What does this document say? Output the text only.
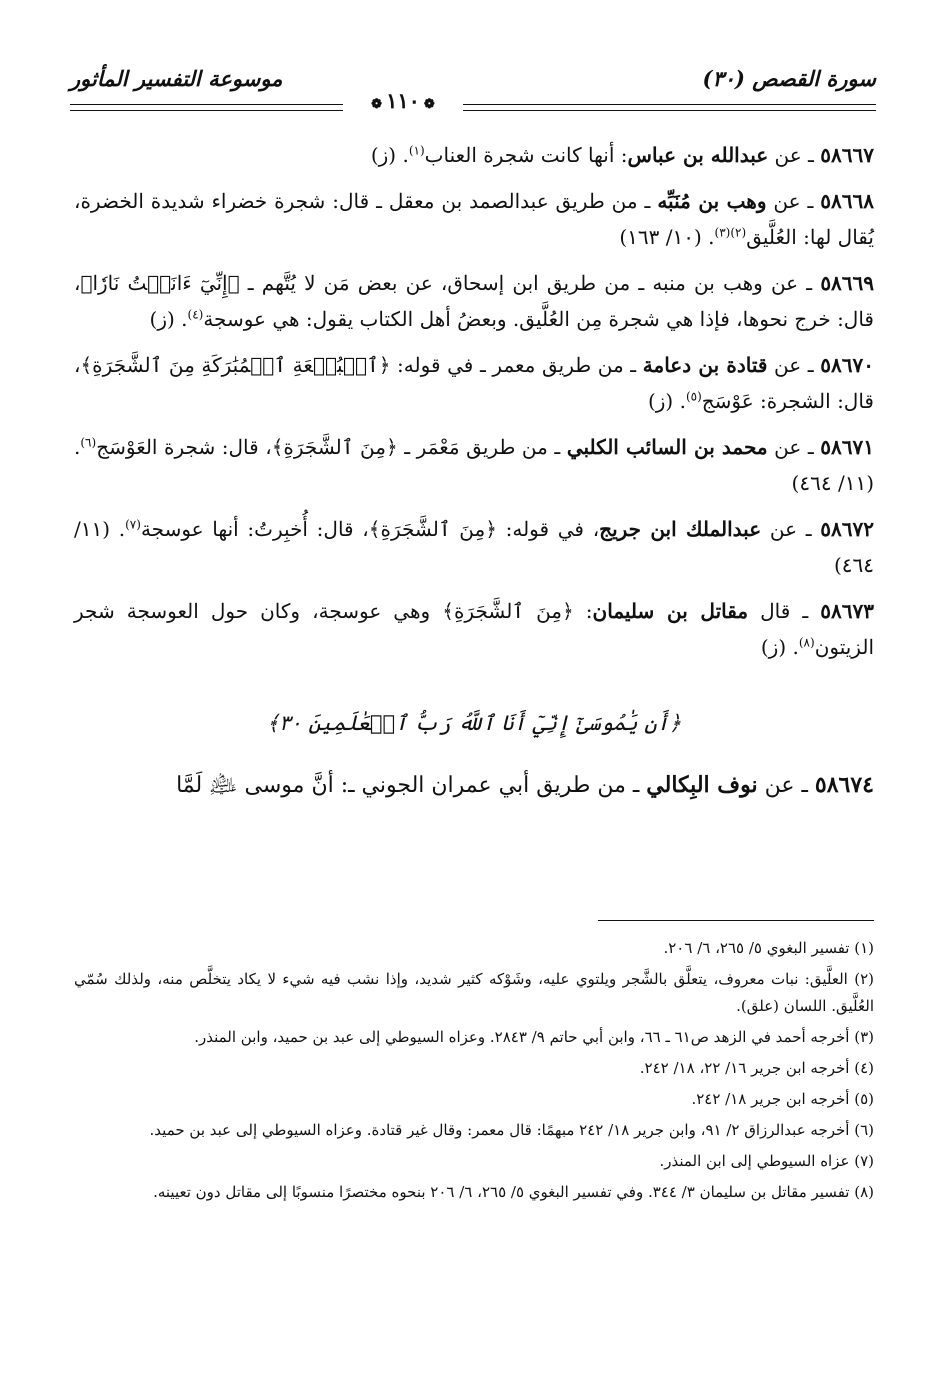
سورة القصص (٣٠)
موسوعة التفسير المأثور
❁ ١١٠ ❁

٥٨٦٦٧ ـ عن عبدالله بن عباس: أنها كانت شجرة العناب$^{(١)}$. (ز)

٥٨٦٦٨ ـ عن وهب بن مُنَبِّه ـ من طريق عبدالصمد بن معقل ـ قال: شجرة خضراء شديدة الخضرة، يُقال لها: العُلَّيق$^{(٢)(٣)}$. (١٠/ ١٦٣)

٥٨٦٦٩ ـ عن وهب بن منبه ـ من طريق ابن إسحاق، عن بعض مَن لا يُتَّهم ـ ﴿إِنِّيٓ ءَانَسۡتُ نَارٗا﴾، قال: خرج نحوها، فإذا هي شجرة مِن العُلَّيق. وبعضُ أهل الكتاب يقول: هي عوسجة$^{(٤)}$. (ز)

٥٨٦٧٠ ـ عن قتادة بن دعامة ـ من طريق معمر ـ في قوله: ﴿ٱلۡبُقۡعَةِ ٱلۡمُبَٰرَكَةِ مِنَ ٱلشَّجَرَةِ﴾، قال: الشجرة: عَوْسَج$^{(٥)}$. (ز)

٥٨٦٧١ ـ عن محمد بن السائب الكلبي ـ من طريق مَعْمَر ـ ﴿مِنَ ٱلشَّجَرَةِ﴾، قال: شجرة العَوْسَج$^{(٦)}$. (١١/ ٤٦٤)

٥٨٦٧٢ ـ عن عبدالملك ابن جريج، في قوله: ﴿مِنَ ٱلشَّجَرَةِ﴾، قال: أُخبِرتُ: أنها عوسجة$^{(٧)}$. (١١/ ٤٦٤)

٥٨٦٧٣ ـ قال مقاتل بن سليمان: ﴿مِنَ ٱلشَّجَرَةِ﴾ وهي عوسجة، وكان حول العوسجة شجر الزيتون$^{(٨)}$. (ز)

﴿أَن يَٰمُوسَىٰٓ إِنِّيٓ أَنَا ٱللَّهُ رَبُّ ٱلۡعَٰلَمِينَ ٣٠﴾

٥٨٦٧٤ ـ عن نوف البِكالي ـ من طريق أبي عمران الجوني ـ: أنَّ موسى ﵇ لَمَّا

(١) تفسير البغوي ٥/ ٢٦٥، ٦/ ٢٠٦.

(٢) العلَّيق: نبات معروف، يتعلَّق بالشَّجر ويلتوي عليه، وشَوْكه كثير شديد، وإذا نشب فيه شيء لا يكاد يتخلَّص منه، ولذلك سُمّي العُلَّيق. اللسان (علق).

(٣) أخرجه أحمد في الزهد ص٦١ ـ ٦٦، وابن أبي حاتم ٩/ ٢٨٤٣. وعزاه السيوطي إلى عبد بن حميد، وابن المنذر.

(٤) أخرجه ابن جرير ١٦/ ٢٢، ١٨/ ٢٤٢.

(٥) أخرجه ابن جرير ١٨/ ٢٤٢.

(٦) أخرجه عبدالرزاق ٢/ ٩١، وابن جرير ١٨/ ٢٤٢ مبهمًا: قال معمر: وقال غير قتادة. وعزاه السيوطي إلى عبد بن حميد.

(٧) عزاه السيوطي إلى ابن المنذر.

(٨) تفسير مقاتل بن سليمان ٣/ ٣٤٤. وفي تفسير البغوي ٥/ ٢٦٥، ٦/ ٢٠٦ بنحوه مختصرًا منسوبًا إلى مقاتل دون تعيينه.
